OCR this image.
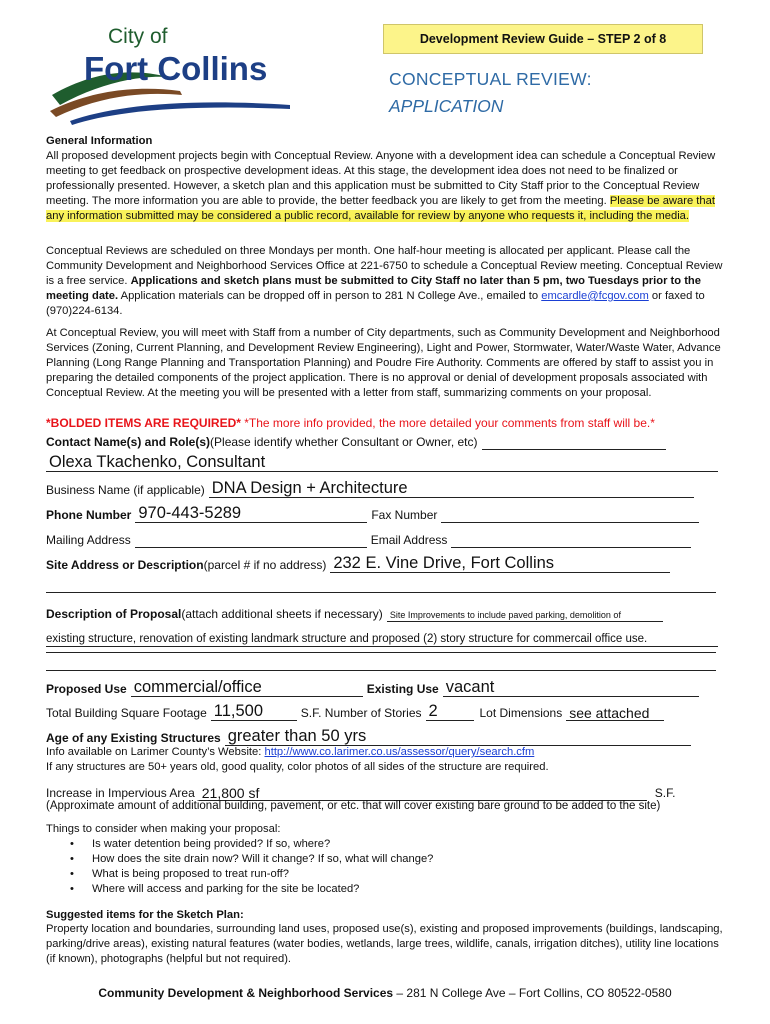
City of
Fort Collins
Development Review Guide – STEP 2 of 8
CONCEPTUAL REVIEW:
APPLICATION
General Information
All proposed development projects begin with Conceptual Review. Anyone with a development idea can schedule a Conceptual Review meeting to get feedback on prospective development ideas. At this stage, the development idea does not need to be finalized or professionally presented. However, a sketch plan and this application must be submitted to City Staff prior to the Conceptual Review meeting. The more information you are able to provide, the better feedback you are likely to get from the meeting. Please be aware that any information submitted may be considered a public record, available for review by anyone who requests it, including the media.
Conceptual Reviews are scheduled on three Mondays per month. One half-hour meeting is allocated per applicant. Please call the Community Development and Neighborhood Services Office at 221-6750 to schedule a Conceptual Review meeting. Conceptual Review is a free service. Applications and sketch plans must be submitted to City Staff no later than 5 pm, two Tuesdays prior to the meeting date. Application materials can be dropped off in person to 281 N College Ave., emailed to emcardle@fcgov.com or faxed to (970)224-6134.
At Conceptual Review, you will meet with Staff from a number of City departments, such as Community Development and Neighborhood Services (Zoning, Current Planning, and Development Review Engineering), Light and Power, Stormwater, Water/Waste Water, Advance Planning (Long Range Planning and Transportation Planning) and Poudre Fire Authority. Comments are offered by staff to assist you in preparing the detailed components of the project application. There is no approval or denial of development proposals associated with Conceptual Review. At the meeting you will be presented with a letter from staff, summarizing comments on your proposal.
*BOLDED ITEMS ARE REQUIRED* *The more info provided, the more detailed your comments from staff will be.*
Contact Name(s) and Role(s) (Please identify whether Consultant or Owner, etc)
Olexa Tkachenko, Consultant
Business Name (if applicable) DNA Design + Architecture
Phone Number 970-443-5289	Fax Number
Mailing Address	Email Address
Site Address or Description (parcel # if no address) 232 E. Vine Drive, Fort Collins
Description of Proposal (attach additional sheets if necessary) Site Improvements to include paved parking, demolition of
existing structure, renovation of existing landmark structure and proposed (2) story structure for commercail office use.
Proposed Use commercial/office	Existing Use vacant
Total Building Square Footage 11,500	S.F. Number of Stories 2	Lot Dimensions see attached
Age of any Existing Structures greater than 50 yrs
Info available on Larimer County’s Website: http://www.co.larimer.co.us/assessor/query/search.cfm
If any structures are 50+ years old, good quality, color photos of all sides of the structure are required.
Increase in Impervious Area 21,800 sf	S.F.
(Approximate amount of additional building, pavement, or etc. that will cover existing bare ground to be added to the site)
Things to consider when making your proposal:
• Is water detention being provided? If so, where?
• How does the site drain now? Will it change? If so, what will change?
• What is being proposed to treat run-off?
• Where will access and parking for the site be located?
Suggested items for the Sketch Plan:
Property location and boundaries, surrounding land uses, proposed use(s), existing and proposed improvements (buildings, landscaping, parking/drive areas), existing natural features (water bodies, wetlands, large trees, wildlife, canals, irrigation ditches), utility line locations (if known), photographs (helpful but not required).
Community Development & Neighborhood Services – 281 N College Ave – Fort Collins, CO 80522-0580
